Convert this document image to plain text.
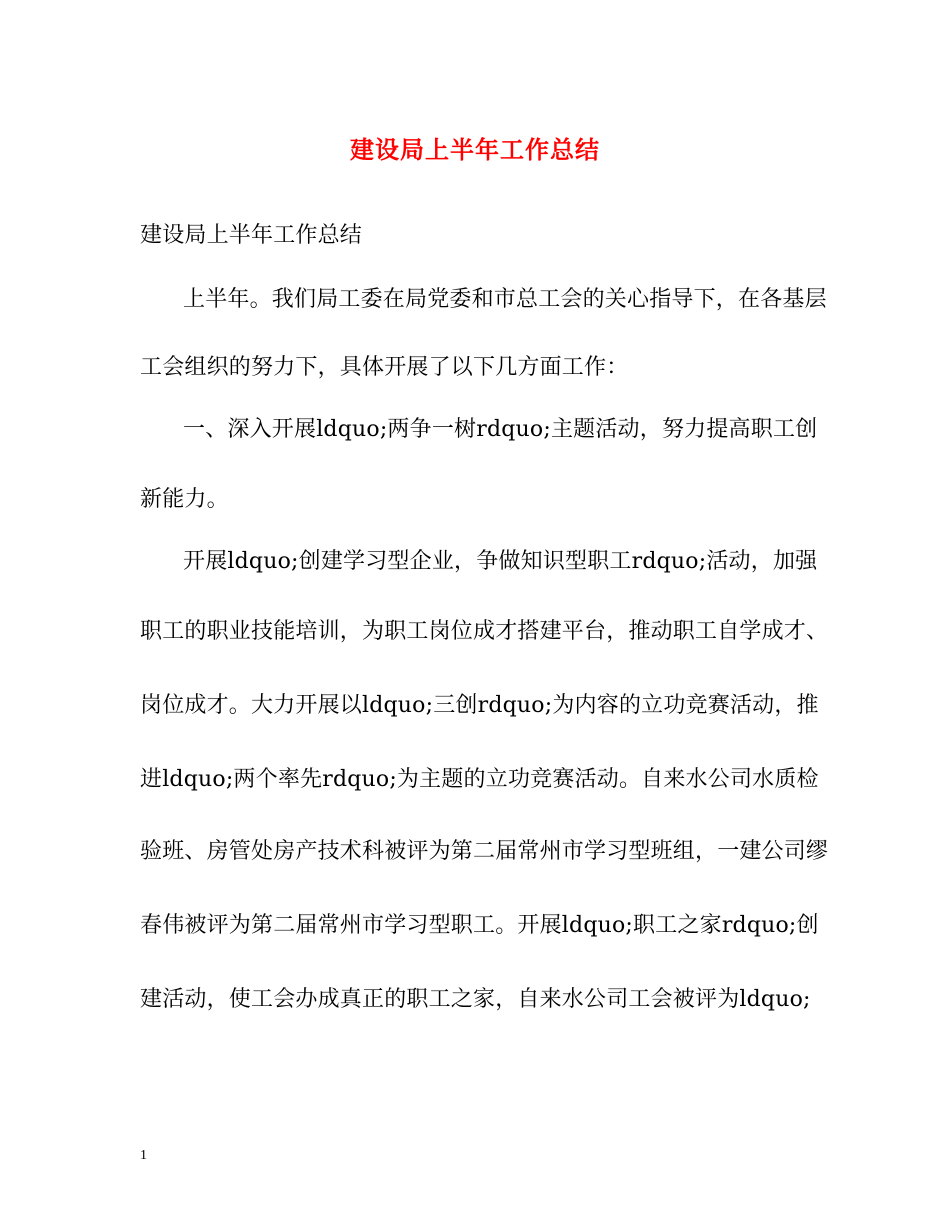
建设局上半年工作总结
建设局上半年工作总结
上半年。我们局工委在局党委和市总工会的关心指导下，在各基层
工会组织的努力下，具体开展了以下几方面工作：
一、深入开展ldquo;两争一树rdquo;主题活动，努力提高职工创
新能力。
开展ldquo;创建学习型企业，争做知识型职工rdquo;活动，加强
职工的职业技能培训，为职工岗位成才搭建平台，推动职工自学成才、
岗位成才。大力开展以ldquo;三创rdquo;为内容的立功竞赛活动，推
进ldquo;两个率先rdquo;为主题的立功竞赛活动。自来水公司水质检
验班、房管处房产技术科被评为第二届常州市学习型班组，一建公司缪
春伟被评为第二届常州市学习型职工。开展ldquo;职工之家rdquo;创
建活动，使工会办成真正的职工之家，自来水公司工会被评为ldquo;
1
